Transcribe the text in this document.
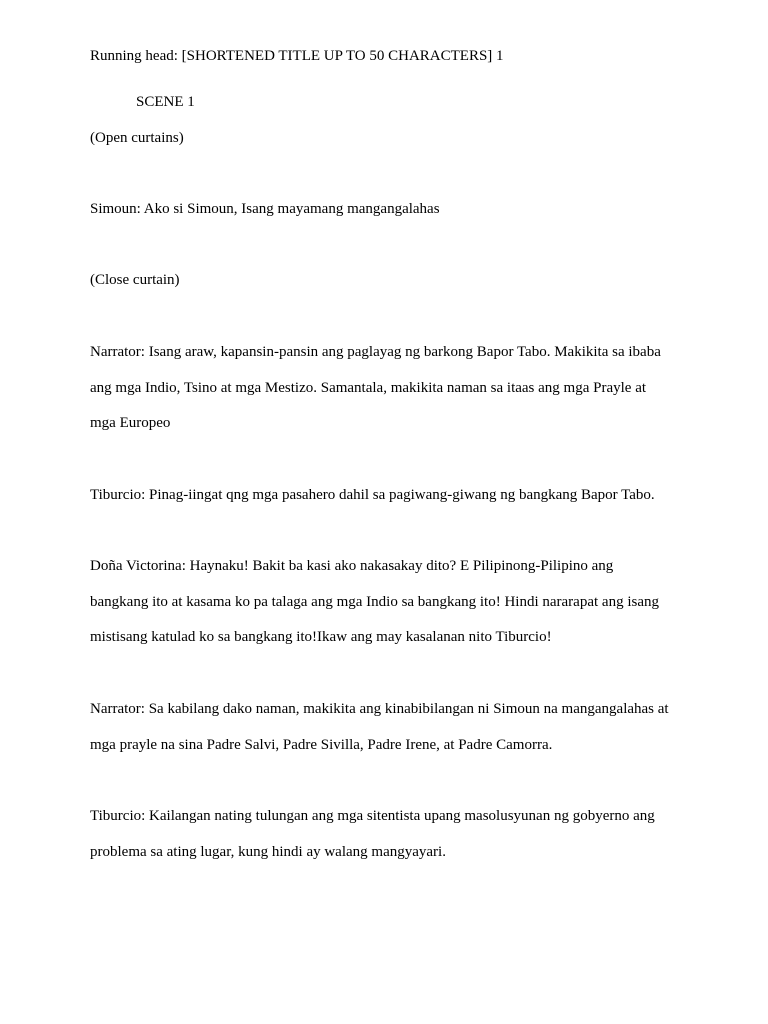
Running head: [SHORTENED TITLE UP TO 50 CHARACTERS] 1
SCENE 1
(Open curtains)
Simoun: Ako si Simoun, Isang mayamang mangangalahas
(Close curtain)
Narrator: Isang araw, kapansin-pansin ang paglayag ng barkong Bapor Tabo. Makikita sa ibaba
ang mga Indio, Tsino at mga Mestizo. Samantala, makikita naman sa itaas ang mga Prayle at
mga Europeo
Tiburcio: Pinag-iingat qng mga pasahero dahil sa pagiwang-giwang ng bangkang Bapor Tabo.
Doña Victorina: Haynaku! Bakit ba kasi ako nakasakay dito? E Pilipinong-Pilipino ang
bangkang ito at kasama ko pa talaga ang mga Indio sa bangkang ito! Hindi nararapat ang isang
mistisang katulad ko sa bangkang ito!Ikaw ang may kasalanan nito Tiburcio!
Narrator: Sa kabilang dako naman, makikita ang kinabibilangan ni Simoun na mangangalahas at
mga prayle na sina Padre Salvi, Padre Sivilla, Padre Irene, at Padre Camorra.
Tiburcio: Kailangan nating tulungan ang mga sitentista upang masolusyunan ng gobyerno ang
problema sa ating lugar, kung hindi ay walang mangyayari.
